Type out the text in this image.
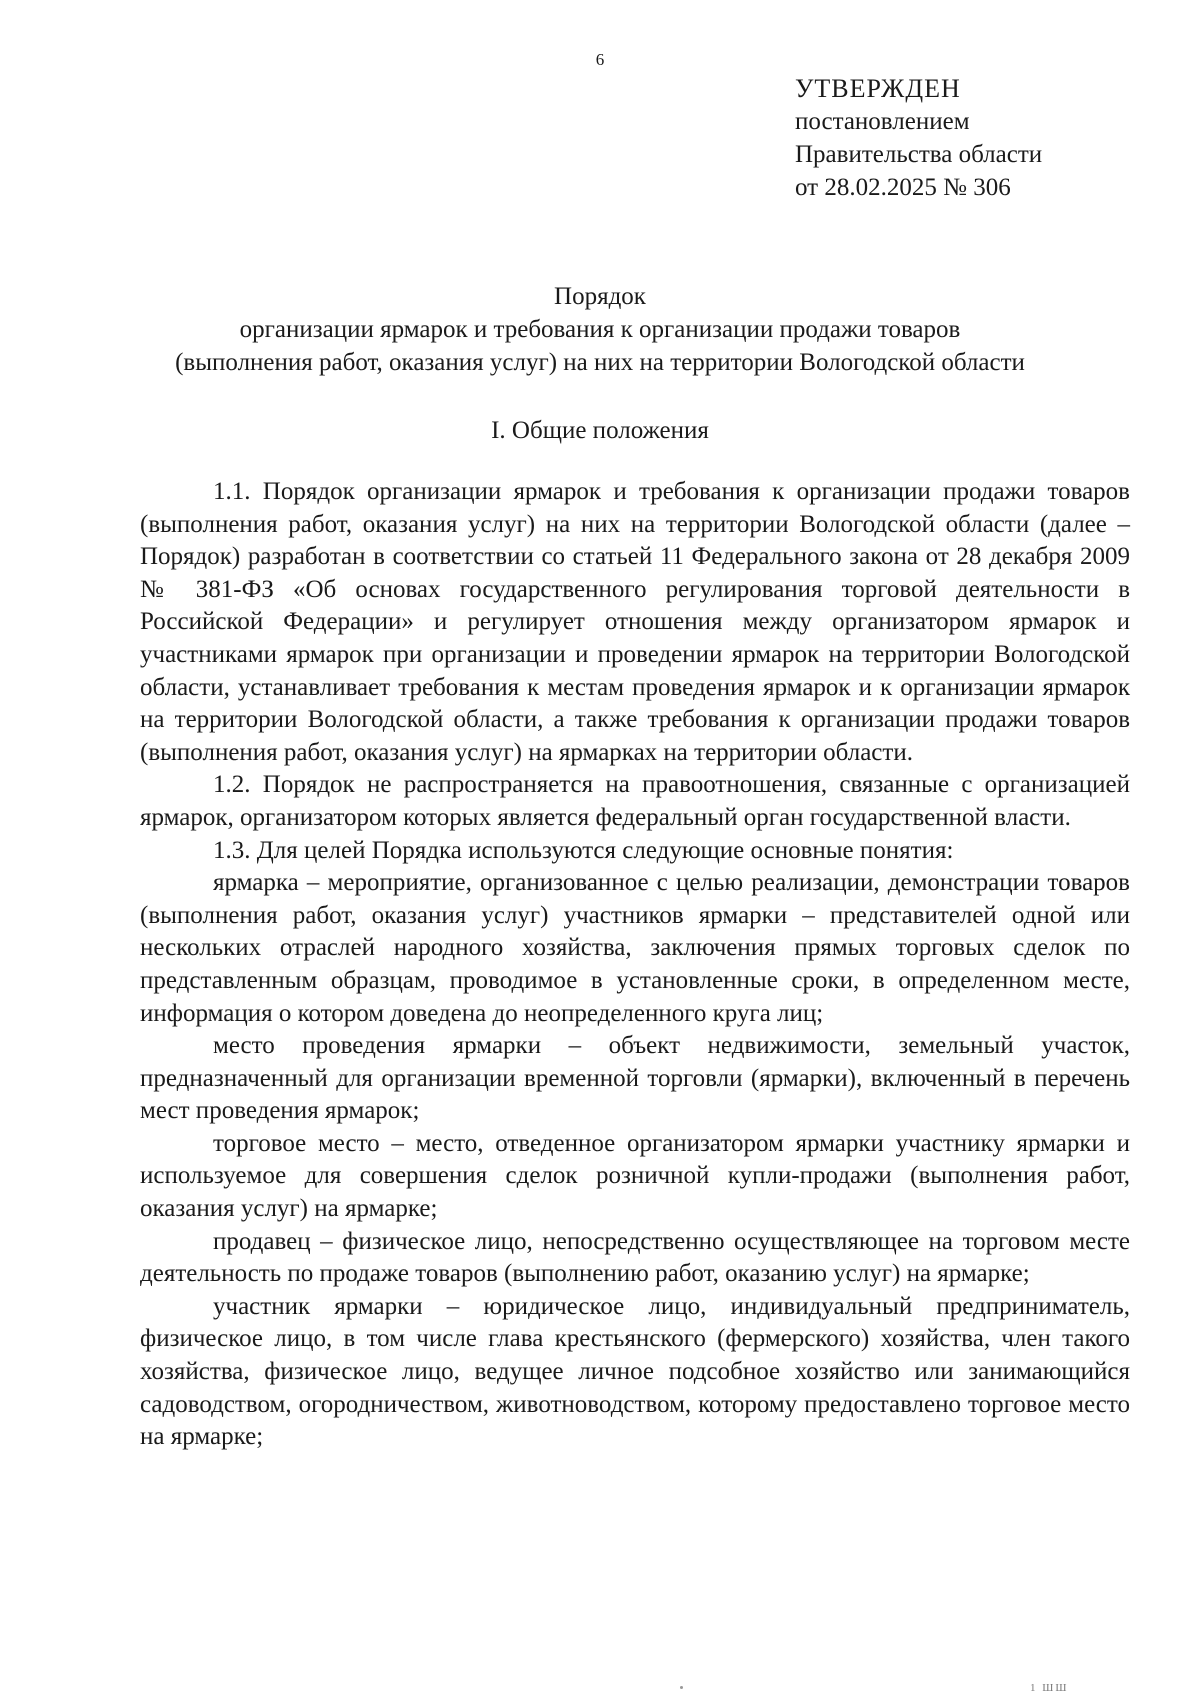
6
УТВЕРЖДЕН
постановлением
Правительства области
от 28.02.2025 № 306
Порядок
организации ярмарок и требования к организации продажи товаров
(выполнения работ, оказания услуг) на них на территории Вологодской области
I. Общие положения

1.1. Порядок организации ярмарок и требования к организации продажи товаров (выполнения работ, оказания услуг) на них на территории Вологодской области (далее – Порядок) разработан в соответствии со статьей 11 Федерального закона от 28 декабря 2009 № 381-ФЗ «Об основах государственного регулирования торговой деятельности в Российской Федерации» и регулирует отношения между организатором ярмарок и участниками ярмарок при организации и проведении ярмарок на территории Вологодской области, устанавливает требования к местам проведения ярмарок и к организации ярмарок на территории Вологодской области, а также требования к организации продажи товаров (выполнения работ, оказания услуг) на ярмарках на территории области.

1.2. Порядок не распространяется на правоотношения, связанные с организацией ярмарок, организатором которых является федеральный орган государственной власти.

1.3. Для целей Порядка используются следующие основные понятия:

ярмарка – мероприятие, организованное с целью реализации, демонстрации товаров (выполнения работ, оказания услуг) участников ярмарки – представителей одной или нескольких отраслей народного хозяйства, заключения прямых торговых сделок по представленным образцам, проводимое в установленные сроки, в определенном месте, информация о котором доведена до неопределенного круга лиц;

место проведения ярмарки – объект недвижимости, земельный участок, предназначенный для организации временной торговли (ярмарки), включенный в перечень мест проведения ярмарок;

торговое место – место, отведенное организатором ярмарки участнику ярмарки и используемое для совершения сделок розничной купли-продажи (выполнения работ, оказания услуг) на ярмарке;

продавец – физическое лицо, непосредственно осуществляющее на торговом месте деятельность по продаже товаров (выполнению работ, оказанию услуг) на ярмарке;

участник ярмарки – юридическое лицо, индивидуальный предприниматель, физическое лицо, в том числе глава крестьянского (фермерского) хозяйства, член такого хозяйства, физическое лицо, ведущее личное подсобное хозяйство или занимающийся садоводством, огородничеством, животноводством, которому предоставлено торговое место на ярмарке;

1 ШШ
